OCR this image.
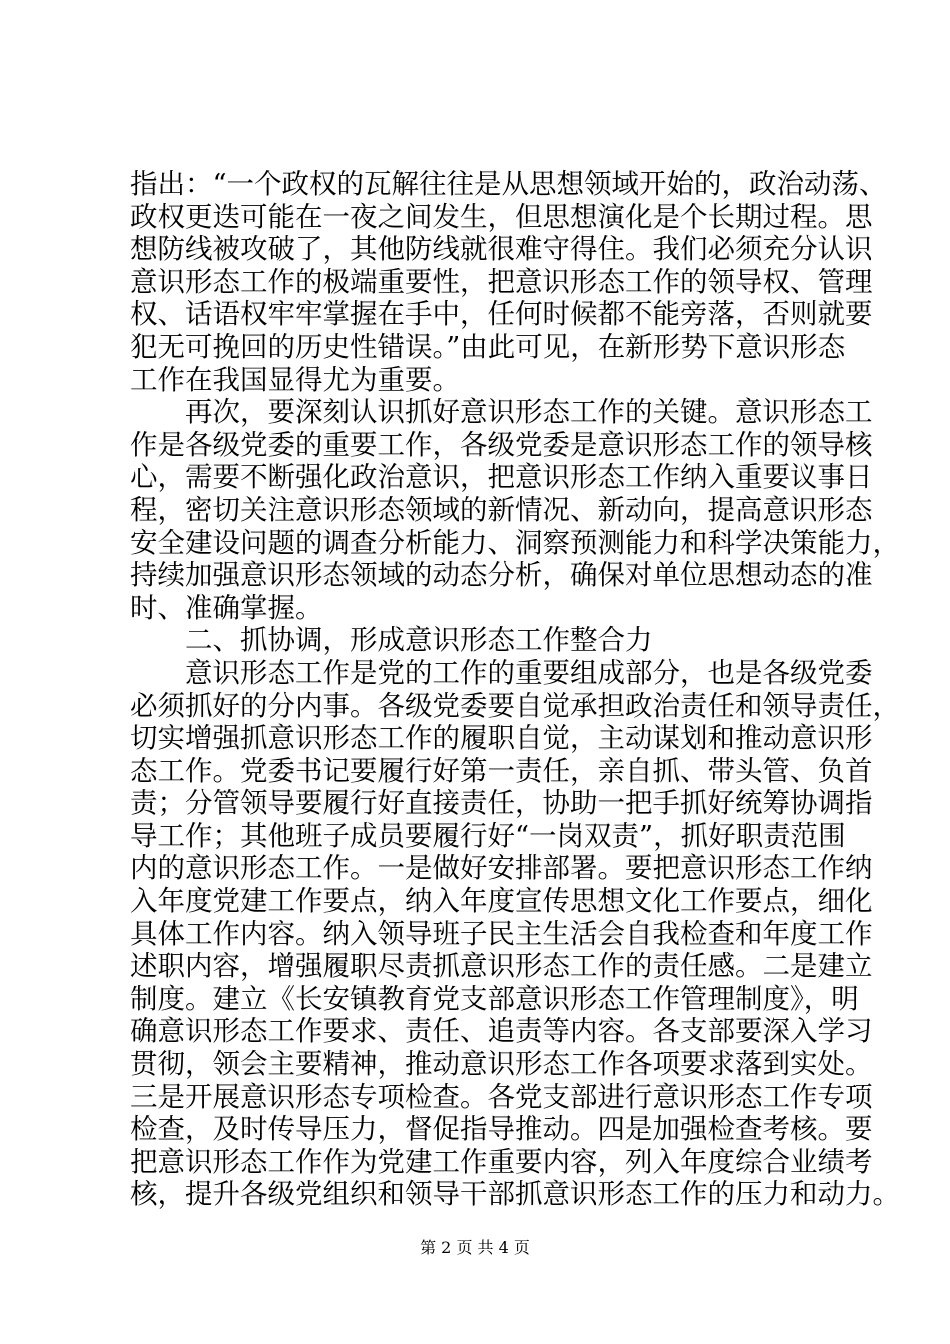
指出：“一个政权的瓦解往往是从思想领域开始的，政治动荡、
政权更迭可能在一夜之间发生，但思想演化是个长期过程。思
想防线被攻破了，其他防线就很难守得住。我们必须充分认识
意识形态工作的极端重要性，把意识形态工作的领导权、管理
权、话语权牢牢掌握在手中，任何时候都不能旁落，否则就要
犯无可挽回的历史性错误。”由此可见，在新形势下意识形态
工作在我国显得尤为重要。
　　再次，要深刻认识抓好意识形态工作的关键。意识形态工
作是各级党委的重要工作，各级党委是意识形态工作的领导核
心，需要不断强化政治意识，把意识形态工作纳入重要议事日
程，密切关注意识形态领域的新情况、新动向，提高意识形态
安全建设问题的调查分析能力、洞察预测能力和科学决策能力，
持续加强意识形态领域的动态分析，确保对单位思想动态的准
时、准确掌握。
　　二、抓协调，形成意识形态工作整合力
　　意识形态工作是党的工作的重要组成部分，也是各级党委
必须抓好的分内事。各级党委要自觉承担政治责任和领导责任，
切实增强抓意识形态工作的履职自觉，主动谋划和推动意识形
态工作。党委书记要履行好第一责任，亲自抓、带头管、负首
责；分管领导要履行好直接责任，协助一把手抓好统筹协调指
导工作；其他班子成员要履行好“一岗双责”，抓好职责范围
内的意识形态工作。一是做好安排部署。要把意识形态工作纳
入年度党建工作要点，纳入年度宣传思想文化工作要点，细化
具体工作内容。纳入领导班子民主生活会自我检查和年度工作
述职内容，增强履职尽责抓意识形态工作的责任感。二是建立
制度。建立《长安镇教育党支部意识形态工作管理制度》，明
确意识形态工作要求、责任、追责等内容。各支部要深入学习
贯彻，领会主要精神，推动意识形态工作各项要求落到实处。
三是开展意识形态专项检查。各党支部进行意识形态工作专项
检查，及时传导压力，督促指导推动。四是加强检查考核。要
把意识形态工作作为党建工作重要内容，列入年度综合业绩考
核，提升各级党组织和领导干部抓意识形态工作的压力和动力。
第 2 页 共 4 页
